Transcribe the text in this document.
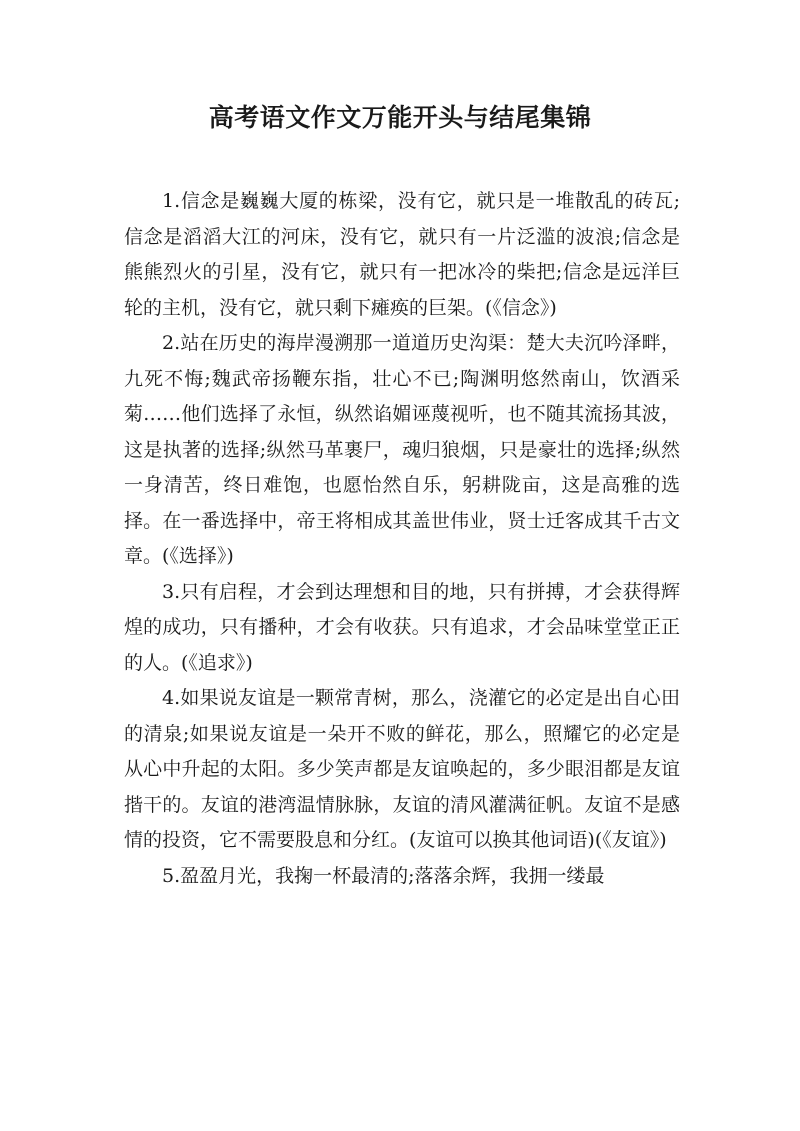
高考语文作文万能开头与结尾集锦

1.信念是巍巍大厦的栋梁，没有它，就只是一堆散乱的砖瓦;信念是滔滔大江的河床，没有它，就只有一片泛滥的波浪;信念是熊熊烈火的引星，没有它，就只有一把冰冷的柴把;信念是远洋巨轮的主机，没有它，就只剩下瘫痪的巨架。(《信念》)

2.站在历史的海岸漫溯那一道道历史沟渠：楚大夫沉吟泽畔，九死不悔;魏武帝扬鞭东指，壮心不已;陶渊明悠然南山，饮酒采菊……他们选择了永恒，纵然谄媚诬蔑视听，也不随其流扬其波，这是执著的选择;纵然马革裹尸，魂归狼烟，只是豪壮的选择;纵然一身清苦，终日难饱，也愿怡然自乐，躬耕陇亩，这是高雅的选择。在一番选择中，帝王将相成其盖世伟业，贤士迁客成其千古文章。(《选择》)

3.只有启程，才会到达理想和目的地，只有拼搏，才会获得辉煌的成功，只有播种，才会有收获。只有追求，才会品味堂堂正正的人。(《追求》)

4.如果说友谊是一颗常青树，那么，浇灌它的必定是出自心田的清泉;如果说友谊是一朵开不败的鲜花，那么，照耀它的必定是从心中升起的太阳。多少笑声都是友谊唤起的，多少眼泪都是友谊揩干的。友谊的港湾温情脉脉，友谊的清风灌满征帆。友谊不是感情的投资，它不需要股息和分红。(友谊可以换其他词语)(《友谊》)

5.盈盈月光，我掬一杯最清的;落落余辉，我拥一缕最
